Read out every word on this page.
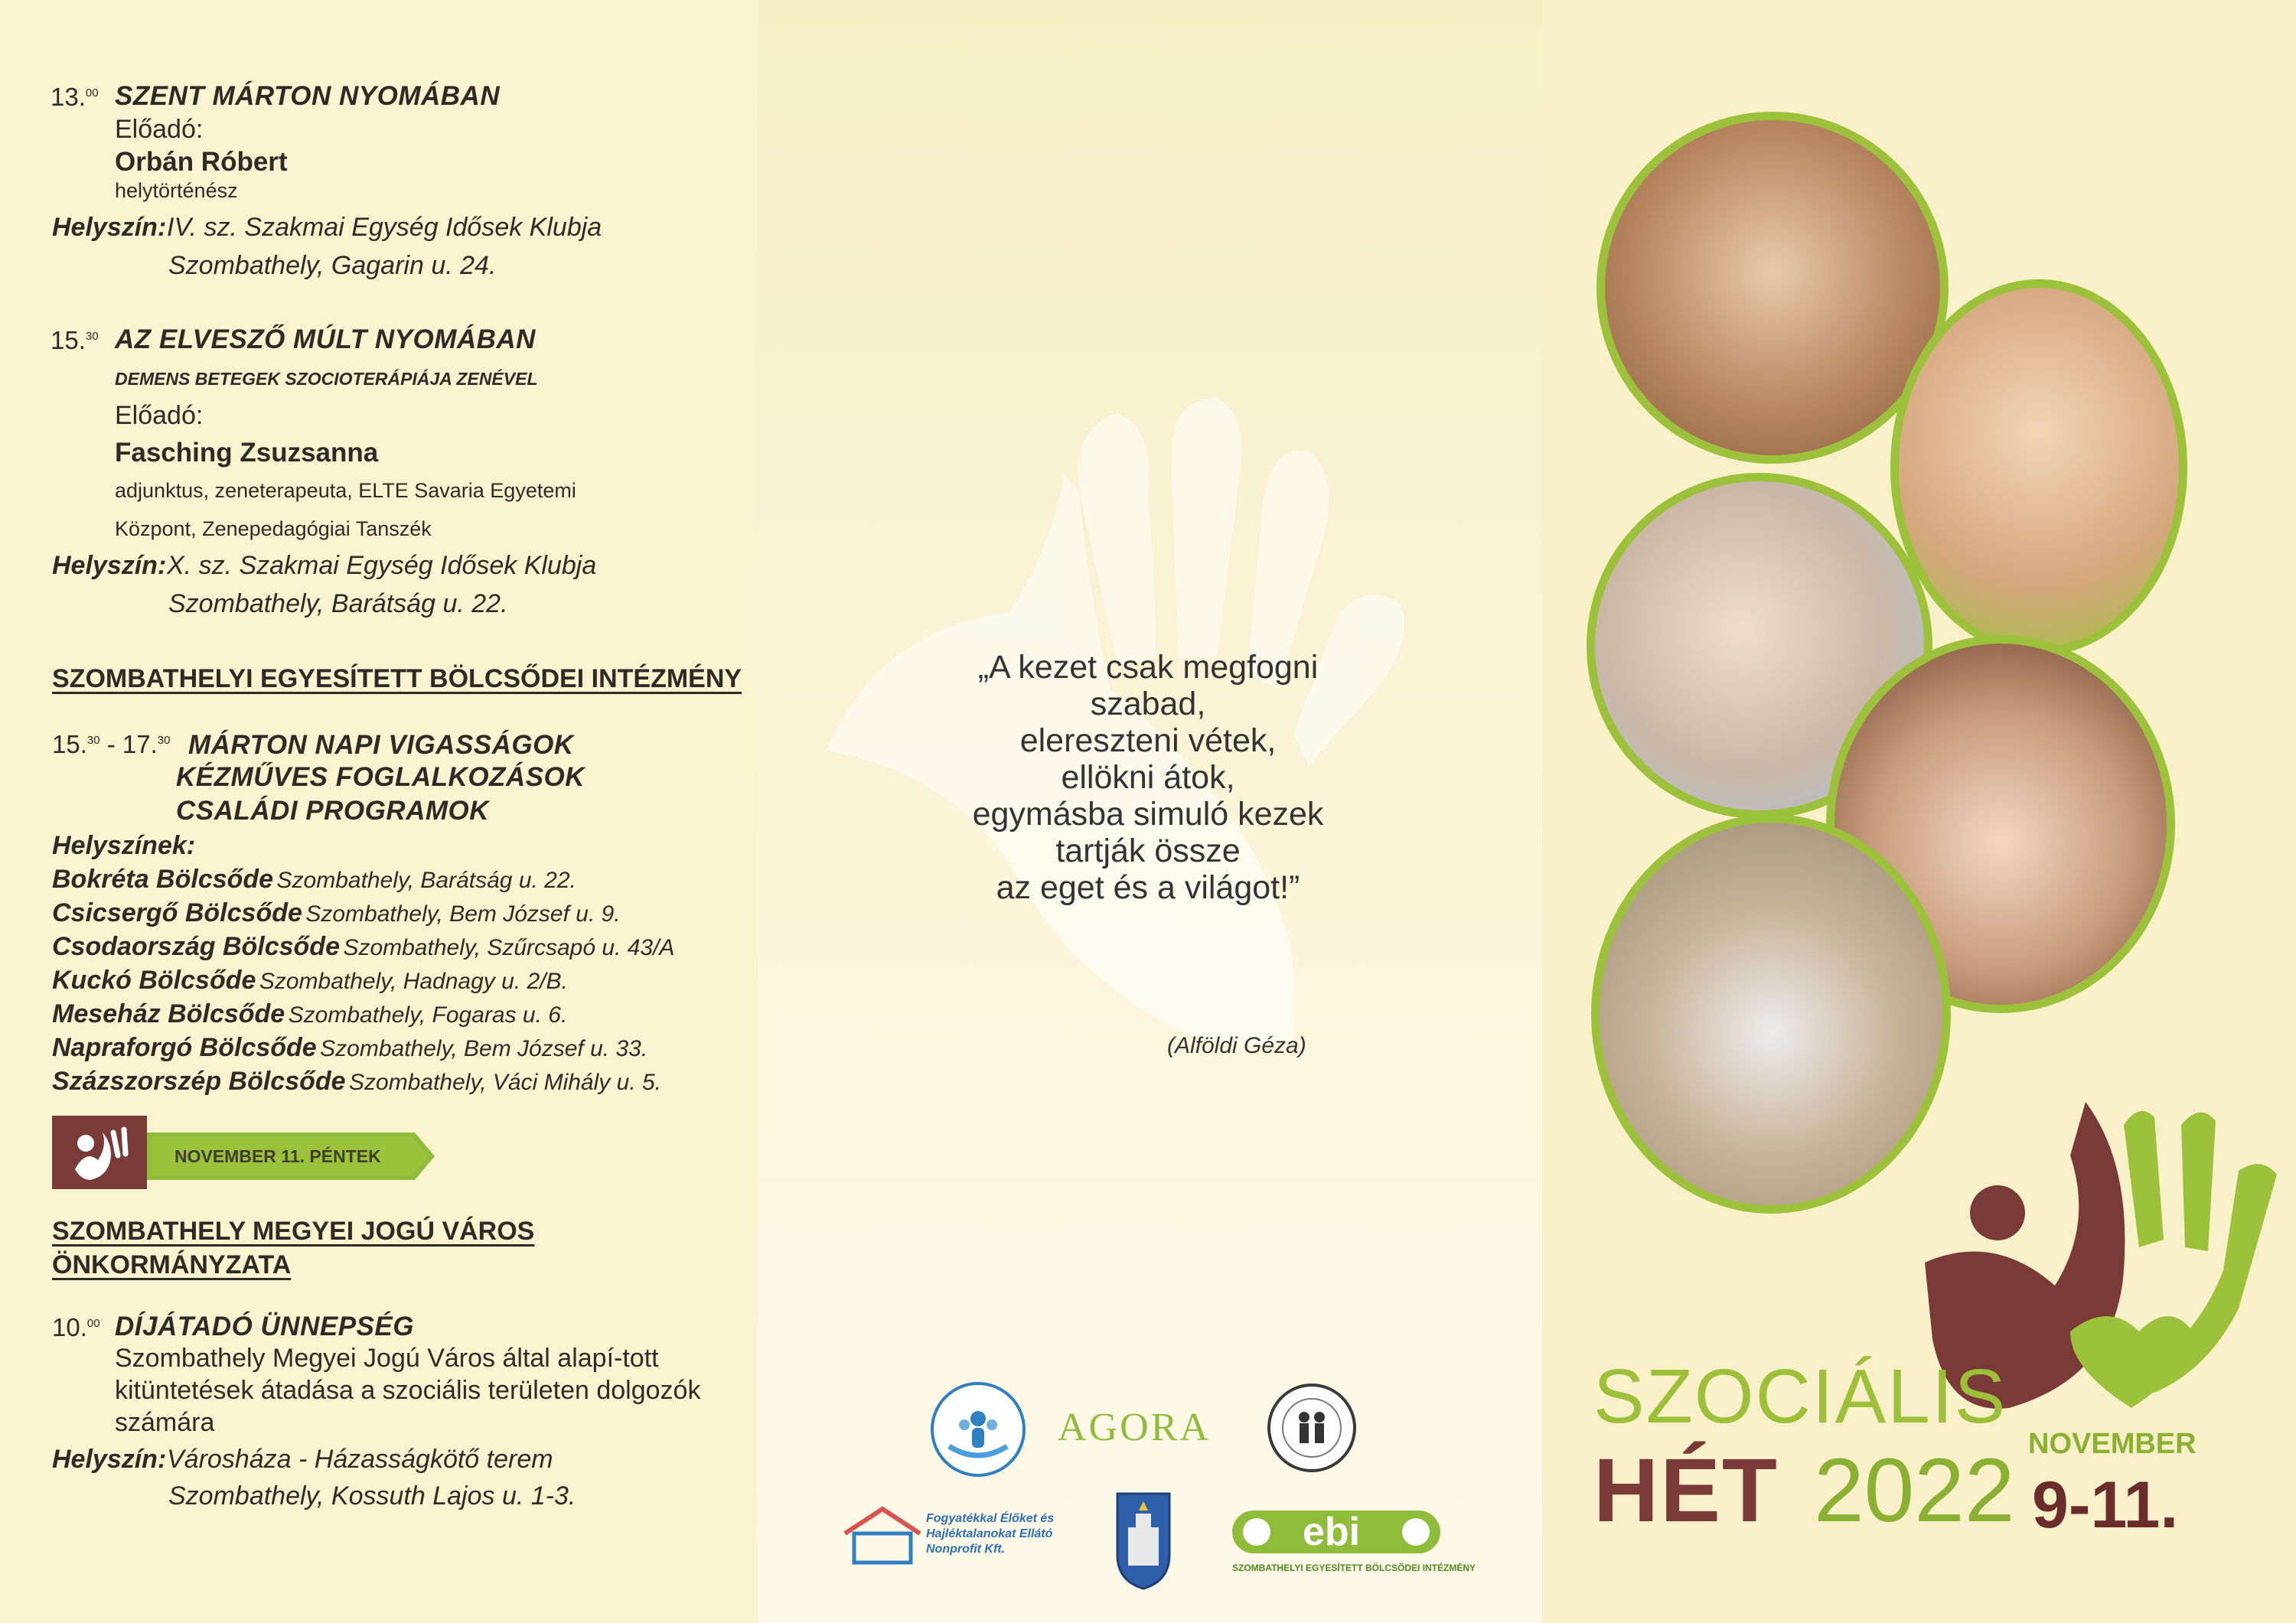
13.00 SZENT MÁRTON NYOMÁBAN
Előadó:
Orbán Róbert
helytörténész
Helyszín: IV. sz. Szakmai Egység Idősek Klubja
Szombathely, Gagarin u. 24.
15.30 AZ ELVESZŐ MÚLT NYOMÁBAN
DEMENS BETEGEK SZOCIOTERÁPIÁJA ZENÉVEL
Előadó:
Fasching Zsuzsanna
adjunktus, zeneterapeuta, ELTE Savaria Egyetemi
Központ, Zenepedagógiai Tanszék
Helyszín: X. sz. Szakmai Egység Idősek Klubja
Szombathely, Barátság u. 22.
SZOMBATHELYI EGYESÍTETT BÖLCSŐDEI INTÉZMÉNY
15.30 - 17.30 MÁRTON NAPI VIGASSÁGOK
KÉZMŰVES FOGLALKOZÁSOK
CSALÁDI PROGRAMOK
Helyszínek:
Bokréta Bölcsőde Szombathely, Barátság u. 22.
Csicsergő Bölcsőde Szombathely, Bem József u. 9.
Csodaország Bölcsőde Szombathely, Szűrcsapó u. 43/A
Kuckó Bölcsőde Szombathely, Hadnagy u. 2/B.
Meseház Bölcsőde Szombathely, Fogaras u. 6.
Napraforgó Bölcsőde Szombathely, Bem József u. 33.
Százszorszép Bölcsőde Szombathely, Váci Mihály u. 5.
NOVEMBER 11. PÉNTEK
SZOMBATHELY MEGYEI JOGÚ VÁROS
ÖNKORMÁNYZATA
10.00 DÍJÁTADÓ ÜNNEPSÉG
Szombathely Megyei Jogú Város által alapí-tott kitüntetések átadása a szociális területen dolgozók számára
Helyszín: Városháza - Házasságkötő terem
Szombathely, Kossuth Lajos u. 1-3.
„A kezet csak megfogni
szabad,
elereszteni vétek,
ellökni átok,
egymásba simuló kezek
tartják össze
az eget és a világot!”
(Alföldi Géza)
AGORA
Fogyatékkal Élőket és
Hajléktalanokat Ellátó
Nonprofit Kft.	ebi
SZOMBATHELYI EGYESÍTETT BÖLCSŐDEI INTÉZMÉNY
SZOCIÁLIS
HÉT 2022 NOVEMBER
9-11.
